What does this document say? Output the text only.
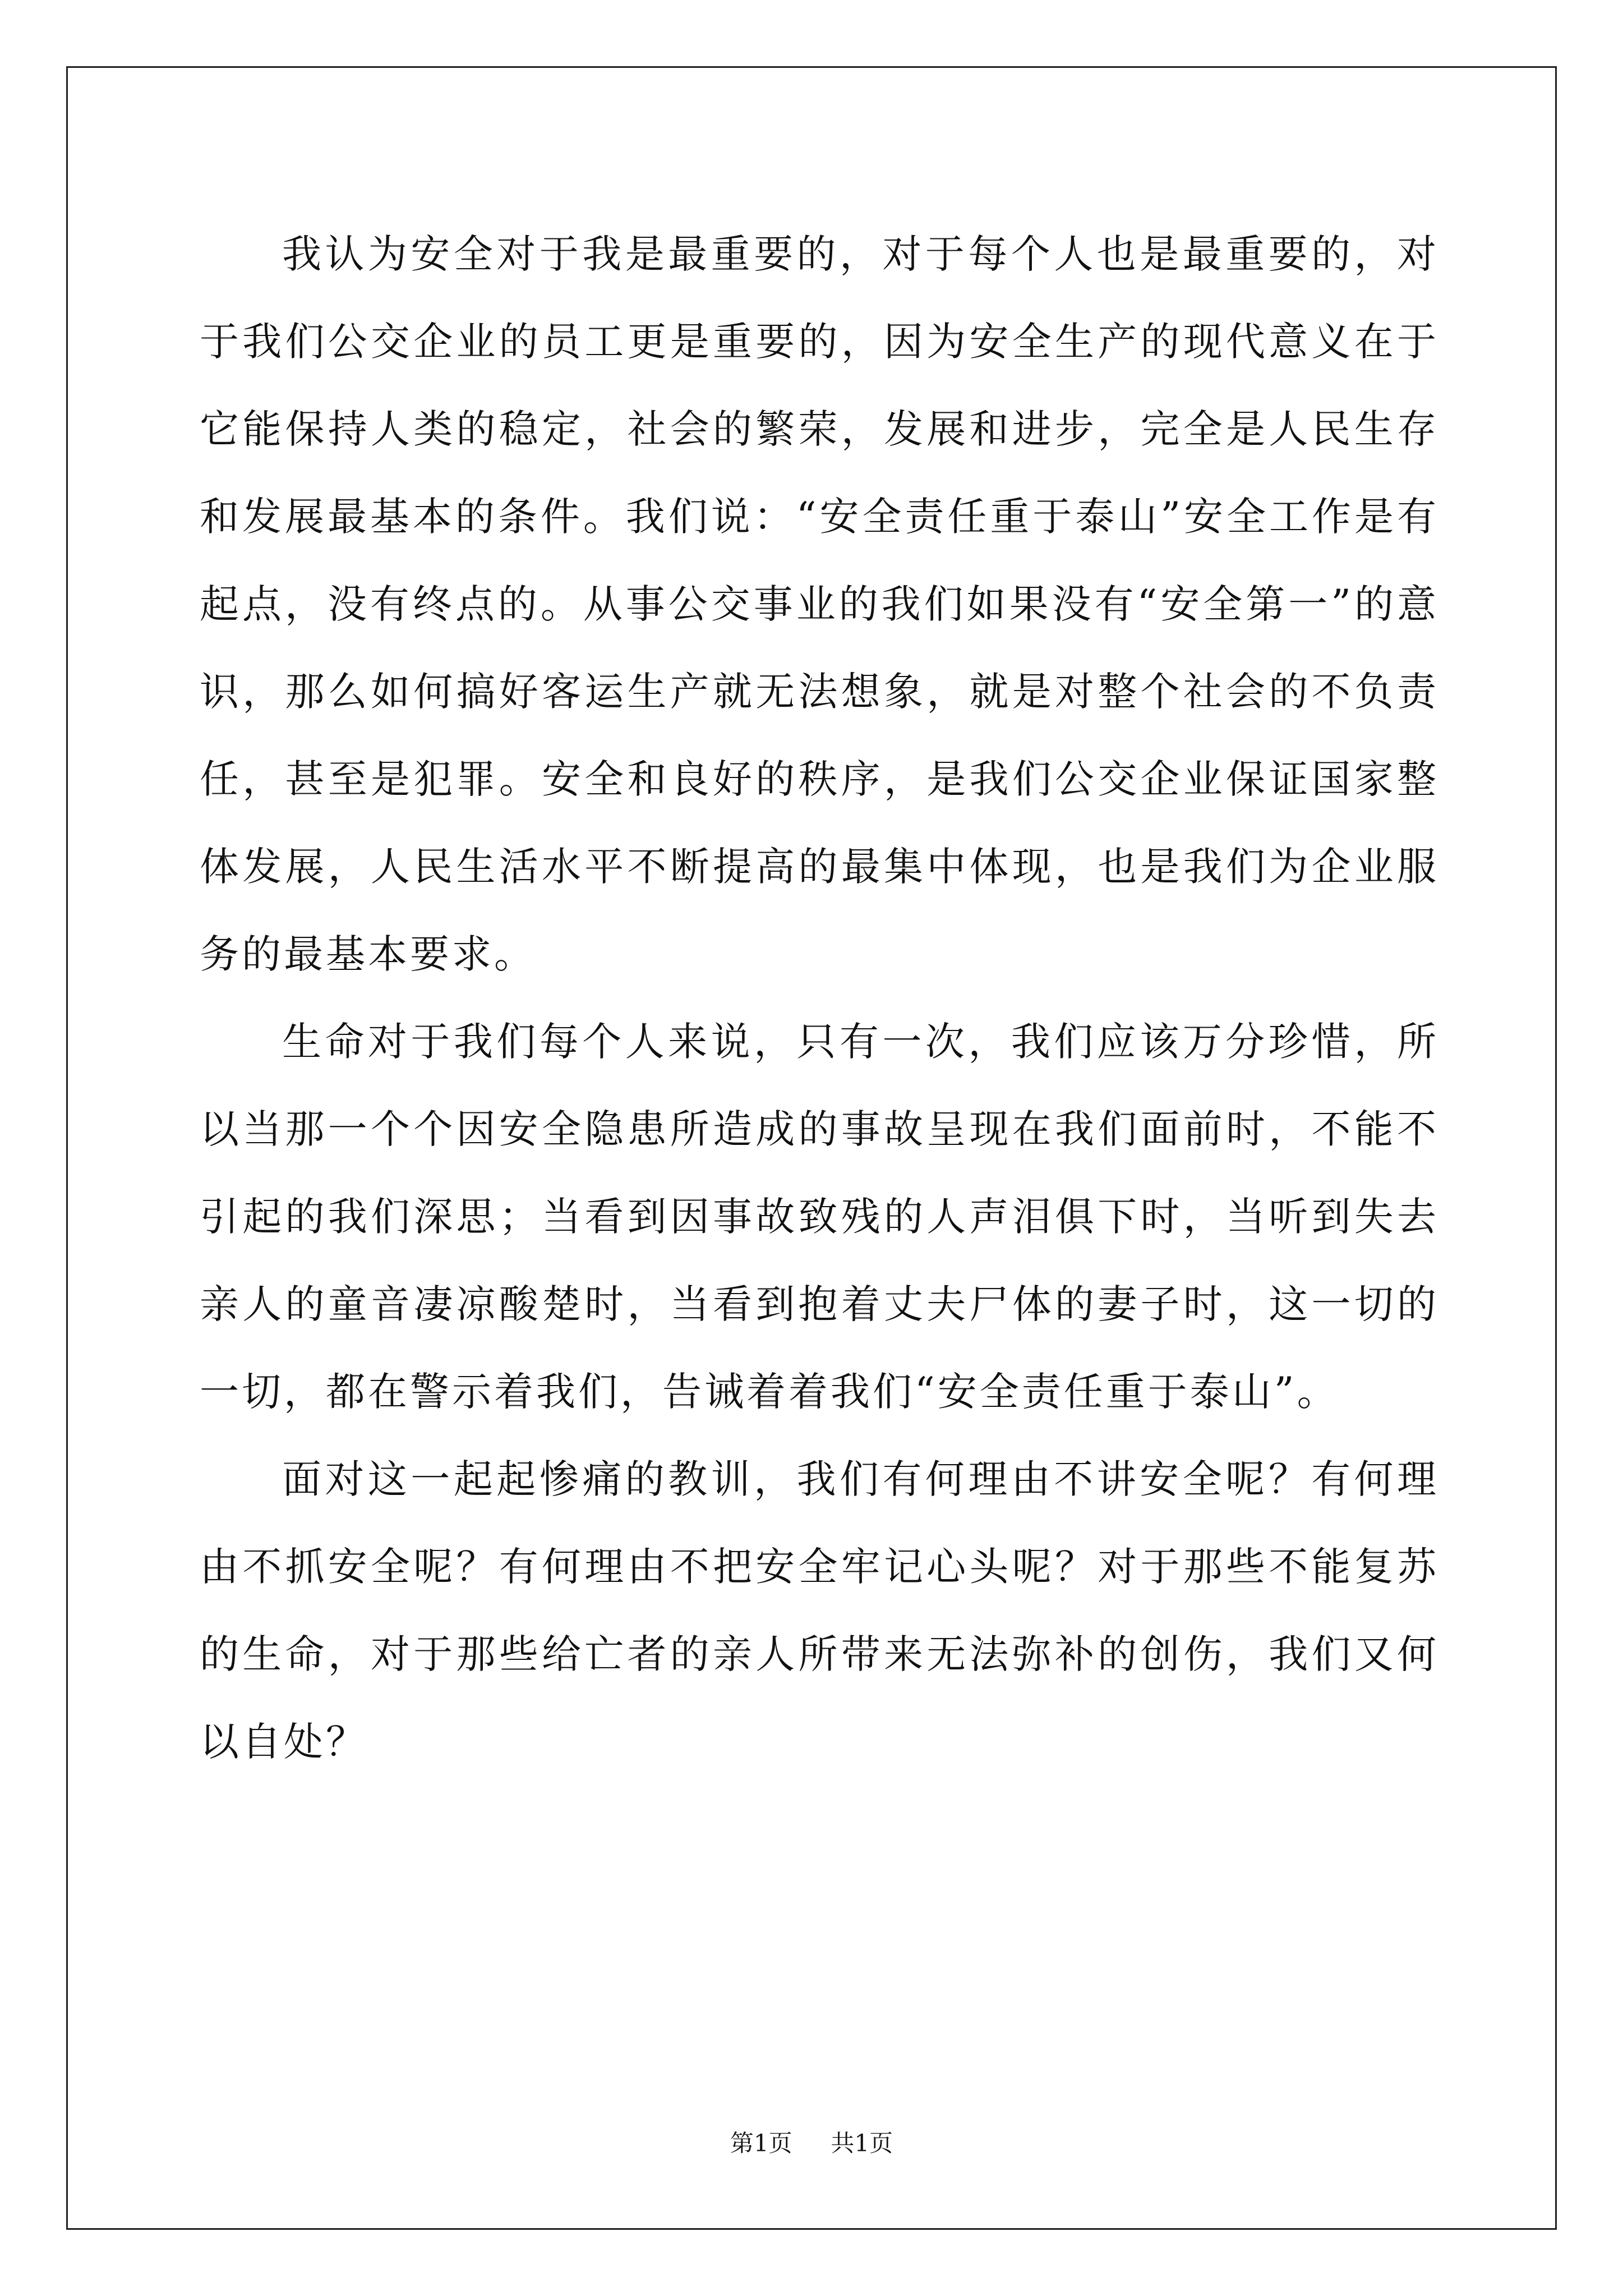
我认为安全对于我是最重要的，对于每个人也是最重要的，对于我们公交企业的员工更是重要的，因为安全生产的现代意义在于它能保持人类的稳定，社会的繁荣，发展和进步，完全是人民生存和发展最基本的条件。我们说：“安全责任重于泰山”安全工作是有起点，没有终点的。从事公交事业的我们如果没有“安全第一”的意识，那么如何搞好客运生产就无法想象，就是对整个社会的不负责任，甚至是犯罪。安全和良好的秩序，是我们公交企业保证国家整体发展，人民生活水平不断提高的最集中体现，也是我们为企业服务的最基本要求。

生命对于我们每个人来说，只有一次，我们应该万分珍惜，所以当那一个个因安全隐患所造成的事故呈现在我们面前时，不能不引起的我们深思；当看到因事故致残的人声泪俱下时，当听到失去亲人的童音凄凉酸楚时，当看到抱着丈夫尸体的妻子时，这一切的一切，都在警示着我们，告诫着着我们“安全责任重于泰山”。

面对这一起起惨痛的教训，我们有何理由不讲安全呢？有何理由不抓安全呢？有何理由不把安全牢记心头呢？对于那些不能复苏的生命，对于那些给亡者的亲人所带来无法弥补的创伤，我们又何以自处？

第1页 共1页
